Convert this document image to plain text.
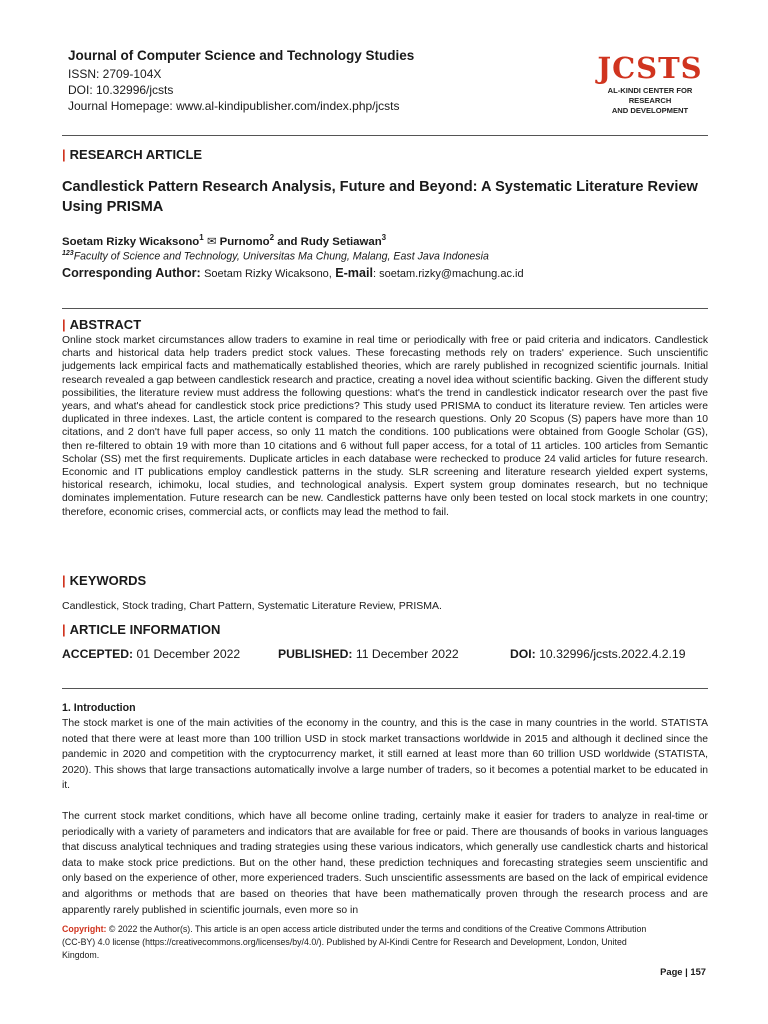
Journal of Computer Science and Technology Studies
ISSN: 2709-104X
DOI: 10.32996/jcsts
Journal Homepage: www.al-kindipublisher.com/index.php/jcsts
JCSTS
AL-KINDI CENTER FOR RESEARCH
AND DEVELOPMENT
| RESEARCH ARTICLE
Candlestick Pattern Research Analysis, Future and Beyond: A Systematic Literature Review Using PRISMA
Soetam Rizky Wicaksono$^1$ ✉ Purnomo$^2$ and Rudy Setiawan$^3$
$^{123}$Faculty of Science and Technology, Universitas Ma Chung, Malang, East Java Indonesia
Corresponding Author: Soetam Rizky Wicaksono, E-mail: soetam.rizky@machung.ac.id
| ABSTRACT
Online stock market circumstances allow traders to examine in real time or periodically with free or paid criteria and indicators. Candlestick charts and historical data help traders predict stock values. These forecasting methods rely on traders' experience. Such unscientific judgements lack empirical facts and mathematically established theories, which are rarely published in recognized scientific journals. Initial research revealed a gap between candlestick research and practice, creating a novel idea without scientific backing. Given the different study possibilities, the literature review must address the following questions: what's the trend in candlestick indicator research over the past five years, and what's ahead for candlestick stock price predictions? This study used PRISMA to conduct its literature review. Ten articles were duplicated in three indexes. Last, the article content is compared to the research questions. Only 20 Scopus (S) papers have more than 10 citations, and 2 don't have full paper access, so only 11 match the conditions. 100 publications were obtained from Google Scholar (GS), then re-filtered to obtain 19 with more than 10 citations and 6 without full paper access, for a total of 11 articles. 100 articles from Semantic Scholar (SS) met the first requirements. Duplicate articles in each database were rechecked to produce 24 valid articles for future research. Economic and IT publications employ candlestick patterns in the study. SLR screening and literature research yielded expert systems, historical research, ichimoku, local studies, and technological analysis. Expert system group dominates research, but no technique dominates implementation. Future research can be new. Candlestick patterns have only been tested on local stock markets in one country; therefore, economic crises, commercial acts, or conflicts may lead the method to fail.
| KEYWORDS
Candlestick, Stock trading, Chart Pattern, Systematic Literature Review, PRISMA.
| ARTICLE INFORMATION
ACCEPTED: 01 December 2022	PUBLISHED: 11 December 2022	DOI: 10.32996/jcsts.2022.4.2.19
1. Introduction
The stock market is one of the main activities of the economy in the country, and this is the case in many countries in the world. STATISTA noted that there were at least more than 100 trillion USD in stock market transactions worldwide in 2015 and although it declined since the pandemic in 2020 and competition with the cryptocurrency market, it still earned at least more than 60 trillion USD worldwide (STATISTA, 2020). This shows that large transactions automatically involve a large number of traders, so it becomes a potential market to be educated in it.
The current stock market conditions, which have all become online trading, certainly make it easier for traders to analyze in real-time or periodically with a variety of parameters and indicators that are available for free or paid. There are thousands of books in various languages that discuss analytical techniques and trading strategies using these various indicators, which generally use candlestick charts and historical data to make stock price predictions. But on the other hand, these prediction techniques and forecasting strategies seem unscientific and only based on the experience of other, more experienced traders. Such unscientific assessments are based on the lack of empirical evidence and algorithms or methods that are based on theories that have been mathematically proven through the research process and are apparently rarely published in scientific journals, even more so in
Copyright: © 2022 the Author(s). This article is an open access article distributed under the terms and conditions of the Creative Commons Attribution (CC-BY) 4.0 license (https://creativecommons.org/licenses/by/4.0/). Published by Al-Kindi Centre for Research and Development, London, United Kingdom.
Page | 157
